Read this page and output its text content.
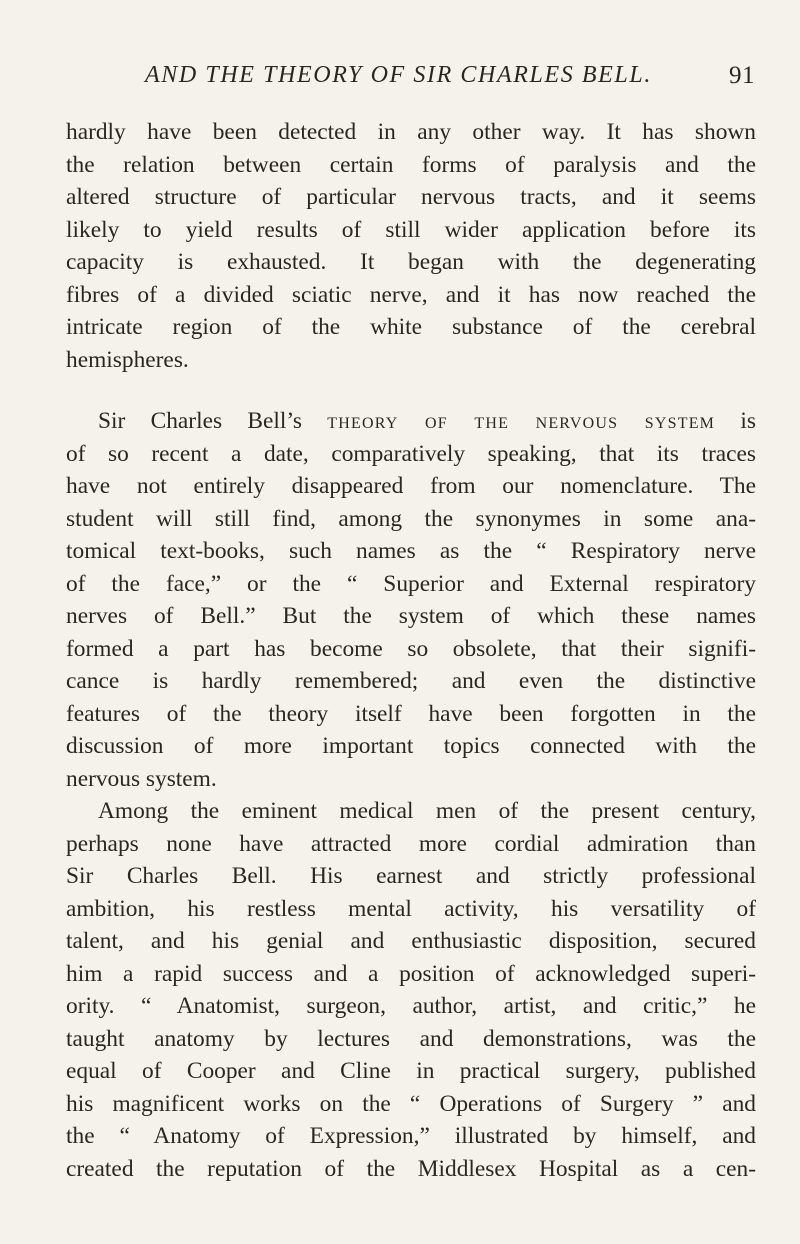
AND THE THEORY OF SIR CHARLES BELL.	91
hardly have been detected in any other way. It has shown
the relation between certain forms of paralysis and the
altered structure of particular nervous tracts, and it seems
likely to yield results of still wider application before its
capacity is exhausted. It began with the degenerating
fibres of a divided sciatic nerve, and it has now reached the
intricate region of the white substance of the cerebral
hemispheres.
Sir Charles Bell’s theory of the nervous system is
of so recent a date, comparatively speaking, that its traces
have not entirely disappeared from our nomenclature. The
student will still find, among the synonymes in some ana-
tomical text-books, such names as the “ Respiratory nerve
of the face,” or the “ Superior and External respiratory
nerves of Bell.” But the system of which these names
formed a part has become so obsolete, that their signifi-
cance is hardly remembered; and even the distinctive
features of the theory itself have been forgotten in the
discussion of more important topics connected with the
nervous system.
Among the eminent medical men of the present century,
perhaps none have attracted more cordial admiration than
Sir Charles Bell. His earnest and strictly professional
ambition, his restless mental activity, his versatility of
talent, and his genial and enthusiastic disposition, secured
him a rapid success and a position of acknowledged superi-
ority. “ Anatomist, surgeon, author, artist, and critic,” he
taught anatomy by lectures and demonstrations, was the
equal of Cooper and Cline in practical surgery, published
his magnificent works on the “ Operations of Surgery ” and
the “ Anatomy of Expression,” illustrated by himself, and
created the reputation of the Middlesex Hospital as a cen-
